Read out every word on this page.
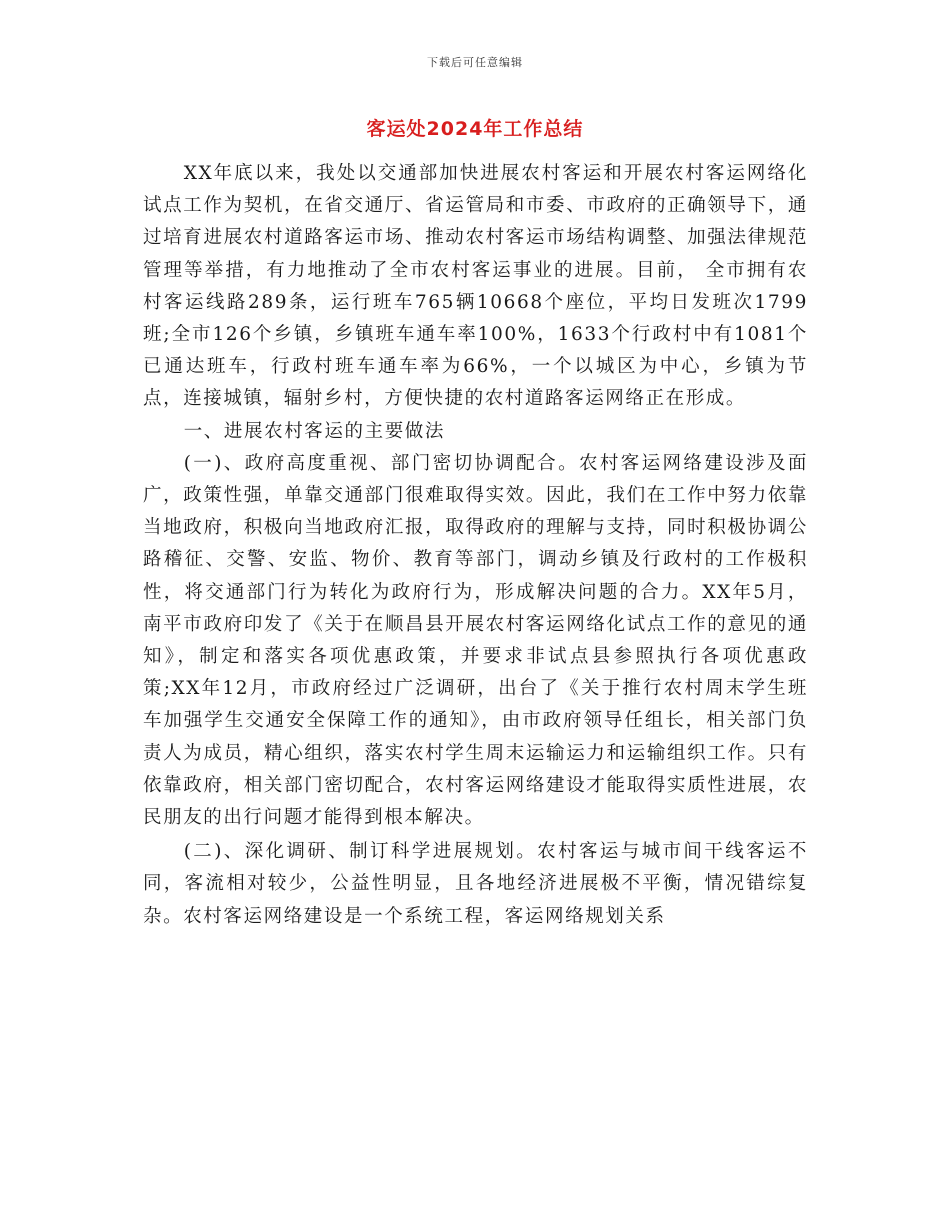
下载后可任意编辑
客运处2024年工作总结

XX年底以来，我处以交通部加快进展农村客运和开展农村客运网络化试点工作为契机，在省交通厅、省运管局和市委、市政府的正确领导下，通过培育进展农村道路客运市场、推动农村客运市场结构调整、加强法律规范管理等举措，有力地推动了全市农村客运事业的进展。目前， 全市拥有农村客运线路289条，运行班车765辆10668个座位，平均日发班次1799班;全市126个乡镇，乡镇班车通车率100%，1633个行政村中有1081个已通达班车，行政村班车通车率为66%，一个以城区为中心，乡镇为节点，连接城镇，辐射乡村，方便快捷的农村道路客运网络正在形成。

一、进展农村客运的主要做法

(一)、政府高度重视、部门密切协调配合。农村客运网络建设涉及面广，政策性强，单靠交通部门很难取得实效。因此，我们在工作中努力依靠当地政府，积极向当地政府汇报，取得政府的理解与支持，同时积极协调公路稽征、交警、安监、物价、教育等部门，调动乡镇及行政村的工作极积性，将交通部门行为转化为政府行为，形成解决问题的合力。XX年5月，南平市政府印发了《关于在顺昌县开展农村客运网络化试点工作的意见的通知》，制定和落实各项优惠政策，并要求非试点县参照执行各项优惠政策;XX年12月，市政府经过广泛调研，出台了《关于推行农村周末学生班车加强学生交通安全保障工作的通知》，由市政府领导任组长，相关部门负责人为成员，精心组织，落实农村学生周末运输运力和运输组织工作。只有依靠政府，相关部门密切配合，农村客运网络建设才能取得实质性进展，农民朋友的出行问题才能得到根本解决。

(二)、深化调研、制订科学进展规划。农村客运与城市间干线客运不同，客流相对较少，公益性明显，且各地经济进展极不平衡，情况错综复杂。农村客运网络建设是一个系统工程，客运网络规划关系
